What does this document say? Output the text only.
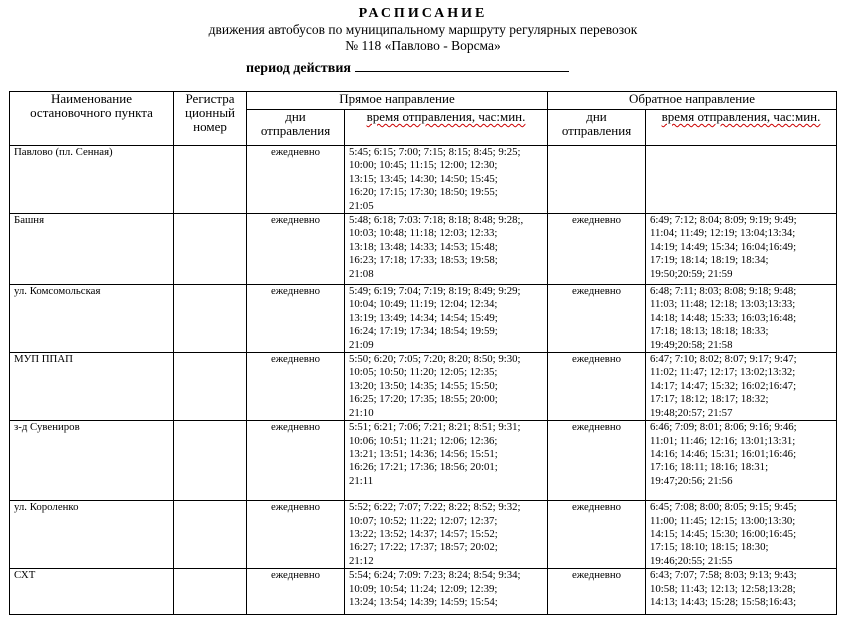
РАСПИСАНИЕ
движения автобусов по муниципальному маршруту регулярных перевозок
№ 118 «Павлово - Ворсма»
период действия
Наименование остановочного пункта	Регистра ционный номер	Прямое направление		Обратное направление	
		дни отправления	время отправления, час:мин.	дни отправления	время отправления, час:мин.
Павлово (пл. Сенная)		ежедневно	5:45; 6:15; 7:00; 7:15; 8:15; 8:45; 9:25;
10:00; 10:45; 11:15; 12:00; 12:30;
13:15; 13:45; 14:30; 14:50; 15:45;
16:20; 17:15; 17:30; 18:50; 19:55;
21:05		
Башня		ежедневно	5:48; 6:18; 7:03: 7:18; 8:18; 8:48; 9:28;,
10:03; 10:48; 11:18; 12:03; 12:33;
13:18; 13:48; 14:33; 14:53; 15:48;
16:23; 17:18; 17:33; 18:53; 19:58;
21:08	ежедневно	6:49; 7:12; 8:04; 8:09; 9:19; 9:49;
11:04; 11:49; 12:19; 13:04;13:34;
14:19; 14:49; 15:34; 16:04;16:49;
17:19; 18:14; 18:19; 18:34;
19:50;20:59; 21:59
ул. Комсомольская		ежедневно	5:49; 6:19; 7:04; 7:19; 8:19; 8:49; 9:29;
10:04; 10:49; 11:19; 12:04; 12:34;
13:19; 13:49; 14:34; 14:54; 15:49;
16:24; 17:19; 17:34; 18:54; 19:59;
21:09	ежедневно	6:48; 7:11; 8:03; 8:08; 9:18; 9:48;
11:03; 11:48; 12:18; 13:03;13:33;
14:18; 14:48; 15:33; 16:03;16:48;
17:18; 18:13; 18:18; 18:33;
19:49;20:58; 21:58
МУП ППАП		ежедневно	5:50; 6:20; 7:05; 7:20; 8:20; 8:50; 9:30;
10:05; 10:50; 11:20; 12:05; 12:35;
13:20; 13:50; 14:35; 14:55; 15:50;
16:25; 17:20; 17:35; 18:55; 20:00;
21:10	ежедневно	6:47; 7:10; 8:02; 8:07; 9:17; 9:47;
11:02; 11:47; 12:17; 13:02;13:32;
14:17; 14:47; 15:32; 16:02;16:47;
17:17; 18:12; 18:17; 18:32;
19:48;20:57; 21:57
з-д Сувениров		ежедневно	5:51; 6:21; 7:06; 7:21; 8:21; 8:51; 9:31;
10:06; 10:51; 11:21; 12:06; 12:36;
13:21; 13:51; 14:36; 14:56; 15:51;
16:26; 17:21; 17:36; 18:56; 20:01;
21:11	ежедневно	6:46; 7:09; 8:01; 8:06; 9:16; 9:46;
11:01; 11:46; 12:16; 13:01;13:31;
14:16; 14:46; 15:31; 16:01;16:46;
17:16; 18:11; 18:16; 18:31;
19:47;20:56; 21:56
ул. Короленко		ежедневно	5:52; 6:22; 7:07; 7:22; 8:22; 8:52; 9:32;
10:07; 10:52; 11:22; 12:07; 12:37;
13:22; 13:52; 14:37; 14:57; 15:52;
16:27; 17:22; 17:37; 18:57; 20:02;
21:12	ежедневно	6:45; 7:08; 8:00; 8:05; 9:15; 9:45;
11:00; 11:45; 12:15; 13:00;13:30;
14:15; 14:45; 15:30; 16:00;16:45;
17:15; 18:10; 18:15; 18:30;
19:46;20:55; 21:55
СХТ		ежедневно	5:54; 6:24; 7:09: 7:23; 8:24; 8:54; 9:34;
10:09; 10:54; 11:24; 12:09; 12:39;
13:24; 13:54; 14:39; 14:59; 15:54;	ежедневно	6:43; 7:07; 7:58; 8:03; 9:13; 9:43;
10:58; 11:43; 12:13; 12:58;13:28;
14:13; 14:43; 15:28; 15:58;16:43;
